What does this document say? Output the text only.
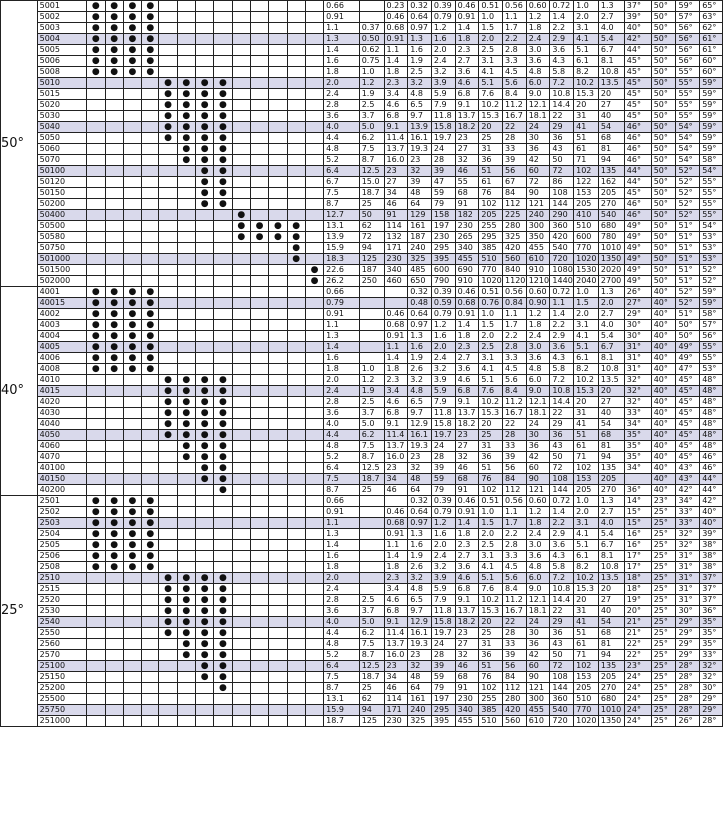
50°	5001	●	●	●	●										0.66		0.23	0.32	0.39	0.46	0.51	0.56	0.60	0.72	1.0	1.3	37°	50°	59°	65°
	5002	●	●	●	●										0.91		0.46	0.64	0.79	0.91	1.0	1.1	1.2	1.4	2.0	2.7	39°	50°	57°	63°
	5003	●	●	●	●										1.1	0.37	0.68	0.97	1.2	1.4	1.5	1.7	1.8	2.2	3.1	4.0	40°	50°	56°	62°
	5004	●	●	●	●										1.3	0.50	0.91	1.3	1.6	1.8	2.0	2.2	2.4	2.9	4.1	5.4	42°	50°	56°	61°
	5005	●	●	●	●										1.4	0.62	1.1	1.6	2.0	2.3	2.5	2.8	3.0	3.6	5.1	6.7	44°	50°	56°	61°
	5006	●	●	●	●										1.6	0.75	1.4	1.9	2.4	2.7	3.1	3.3	3.6	4.3	6.1	8.1	45°	50°	56°	60°
	5008	●	●	●	●										1.8	1.0	1.8	2.5	3.2	3.6	4.1	4.5	4.8	5.8	8.2	10.8	45°	50°	55°	60°
	5010					●	●	●	●						2.0	1.2	2.3	3.2	3.9	4.6	5.1	5.6	6.0	7.2	10.2	13.5	45°	50°	55°	59°
	5015					●	●	●	●						2.4	1.9	3.4	4.8	5.9	6.8	7.6	8.4	9.0	10.8	15.3	20	45°	50°	55°	59°
	5020					●	●	●	●						2.8	2.5	4.6	6.5	7.9	9.1	10.2	11.2	12.1	14.4	20	27	45°	50°	55°	59°
	5030					●	●	●	●						3.6	3.7	6.8	9.7	11.8	13.7	15.3	16.7	18.1	22	31	40	45°	50°	55°	59°
	5040					●	●	●	●						4.0	5.0	9.1	13.9	15.8	18.2	20	22	24	29	41	54	46°	50°	54°	59°
	5050					●	●	●	●						4.4	6.2	11.4	16.1	19.7	23	25	28	30	36	51	68	46°	50°	54°	59°
	5060						●	●	●						4.8	7.5	13.7	19.3	24	27	31	33	36	43	61	81	46°	50°	54°	59°
	5070						●	●	●						5.2	8.7	16.0	23	28	32	36	39	42	50	71	94	46°	50°	54°	58°
	50100							●	●						6.4	12.5	23	32	39	46	51	56	60	72	102	135	44°	50°	52°	54°
	50120							●	●						6.7	15.0	27	39	47	55	61	67	72	86	122	162	44°	50°	52°	55°
	50150							●	●						7.5	18.7	34	48	59	68	76	84	90	108	153	205	45°	50°	52°	55°
	50200							●	●						8.7	25	46	64	79	91	102	112	121	144	205	270	46°	50°	52°	55°
	50400									●					12.7	50	91	129	158	182	205	225	240	290	410	540	46°	50°	52°	55°
	50500									●	●	●	●		13.1	62	114	161	197	230	255	280	300	360	510	680	49°	50°	51°	54°
	50580									●	●	●	●		13.9	72	132	187	230	265	295	325	350	420	600	780	49°	50°	51°	53°
	50750												●		15.9	94	171	240	295	340	385	420	455	540	770	1010	49°	50°	51°	53°
	501000												●		18.3	125	230	325	395	455	510	560	610	720	1020	1350	49°	50°	51°	53°
	501500													●	22.6	187	340	485	600	690	770	840	910	1080	1530	2020	49°	50°	51°	52°
	502000													●	26.2	250	460	650	790	910	1020	1120	1210	1440	2040	2700	49°	50°	51°	52°
40°	4001	●	●	●	●										0.66			0.32	0.39	0.46	0.51	0.56	0.60	0.72	1.0	1.3	26°	40°	52°	59°
	40015	●	●	●	●										0.79			0.48	0.59	0.68	0.76	0.84	0.90	1.1	1.5	2.0	27°	40°	52°	59°
	4002	●	●	●	●										0.91		0.46	0.64	0.79	0.91	1.0	1.1	1.2	1.4	2.0	2.7	29°	40°	51°	58°
	4003	●	●	●	●										1.1		0.68	0.97	1.2	1.4	1.5	1.7	1.8	2.2	3.1	4.0	30°	40°	50°	57°
	4004	●	●	●	●										1.3		0.91	1.3	1.6	1.8	2.0	2.2	2.4	2.9	4.1	5.4	30°	40°	50°	56°
	4005	●	●	●	●										1.4		1.1	1.6	2.0	2.3	2.5	2.8	3.0	3.6	5.1	6.7	31°	40°	49°	55°
	4006	●	●	●	●										1.6		1.4	1.9	2.4	2.7	3.1	3.3	3.6	4.3	6.1	8.1	31°	40°	49°	55°
	4008	●	●	●	●										1.8	1.0	1.8	2.6	3.2	3.6	4.1	4.5	4.8	5.8	8.2	10.8	31°	40°	47°	53°
	4010					●	●	●	●						2.0	1.2	2.3	3.2	3.9	4.6	5.1	5.6	6.0	7.2	10.2	13.5	32°	40°	45°	48°
	4015					●	●	●	●						2.4	1.9	3.4	4.8	5.9	6.8	7.6	8.4	9.0	10.8	15.3	20	32°	40°	45°	48°
	4020					●	●	●	●						2.8	2.5	4.6	6.5	7.9	9.1	10.2	11.2	12.1	14.4	20	27	32°	40°	45°	48°
	4030					●	●	●	●						3.6	3.7	6.8	9.7	11.8	13.7	15.3	16.7	18.1	22	31	40	33°	40°	45°	48°
	4040					●	●	●	●						4.0	5.0	9.1	12.9	15.8	18.2	20	22	24	29	41	54	34°	40°	45°	48°
	4050					●	●	●	●						4.4	6.2	11.4	16.1	19.7	23	25	28	30	36	51	68	35°	40°	45°	48°
	4060						●	●	●						4.8	7.5	13.7	19.3	24	27	31	33	36	43	61	81	35°	40°	45°	48°
	4070						●	●	●						5.2	8.7	16.0	23	28	32	36	39	42	50	71	94	35°	40°	45°	46°
	40100							●	●						6.4	12.5	23	32	39	46	51	56	60	72	102	135	34°	40°	43°	46°
	40150							●	●						7.5	18.7	34	48	59	68	76	84	90	108	153	205		40°	43°	44°
	40200								●						8.7	25	46	64	79	91	102	112	121	144	205	270	36°	40°	42°	44°
25°	2501	●	●	●	●										0.66			0.32	0.39	0.46	0.51	0.56	0.60	0.72	1.0	1.3	14°	23°	34°	42°
	2502	●	●	●	●										0.91		0.46	0.64	0.79	0.91	1.0	1.1	1.2	1.4	2.0	2.7	15°	25°	33°	40°
	2503	●	●	●	●										1.1		0.68	0.97	1.2	1.4	1.5	1.7	1.8	2.2	3.1	4.0	15°	25°	33°	40°
	2504	●	●	●	●										1.3		0.91	1.3	1.6	1.8	2.0	2.2	2.4	2.9	4.1	5.4	16°	25°	32°	39°
	2505	●	●	●	●										1.4		1.1	1.6	2.0	2.3	2.5	2.8	3.0	3.6	5.1	6.7	16°	25°	32°	38°
	2506	●	●	●	●										1.6		1.4	1.9	2.4	2.7	3.1	3.3	3.6	4.3	6.1	8.1	17°	25°	31°	38°
	2508	●	●	●	●										1.8		1.8	2.6	3.2	3.6	4.1	4.5	4.8	5.8	8.2	10.8	17°	25°	31°	38°
	2510					●	●	●	●						2.0		2.3	3.2	3.9	4.6	5.1	5.6	6.0	7.2	10.2	13.5	18°	25°	31°	37°
	2515					●	●	●	●						2.4		3.4	4.8	5.9	6.8	7.6	8.4	9.0	10.8	15.3	20	18°	25°	31°	37°
	2520					●	●	●	●						2.8	2.5	4.6	6.5	7.9	9.1	10.2	11.2	12.1	14.4	20	27	19°	25°	31°	37°
	2530					●	●	●	●						3.6	3.7	6.8	9.7	11.8	13.7	15.3	16.7	18.1	22	31	40	20°	25°	30°	36°
	2540					●	●	●	●						4.0	5.0	9.1	12.9	15.8	18.2	20	22	24	29	41	54	21°	25°	29°	35°
	2550					●	●	●	●						4.4	6.2	11.4	16.1	19.7	23	25	28	30	36	51	68	21°	25°	29°	35°
	2560						●	●	●						4.8	7.5	13.7	19.3	24	27	31	33	36	43	61	81	22°	25°	29°	35°
	2570						●	●	●						5.2	8.7	16.0	23	28	32	36	39	42	50	71	94	22°	25°	29°	33°
	25100							●	●						6.4	12.5	23	32	39	46	51	56	60	72	102	135	23°	25°	28°	32°
	25150							●	●						7.5	18.7	34	48	59	68	76	84	90	108	153	205	24°	25°	28°	32°
	25200								●						8.7	25	46	64	79	91	102	112	121	144	205	270	24°	25°	28°	30°
	25500														13.1	62	114	161	197	230	255	280	300	360	510	680	24°	25°	28°	29°
	25750														15.9	94	171	240	295	340	385	420	455	540	770	1010	24°	25°	28°	29°
	251000														18.7	125	230	325	395	455	510	560	610	720	1020	1350	24°	25°	26°	28°
